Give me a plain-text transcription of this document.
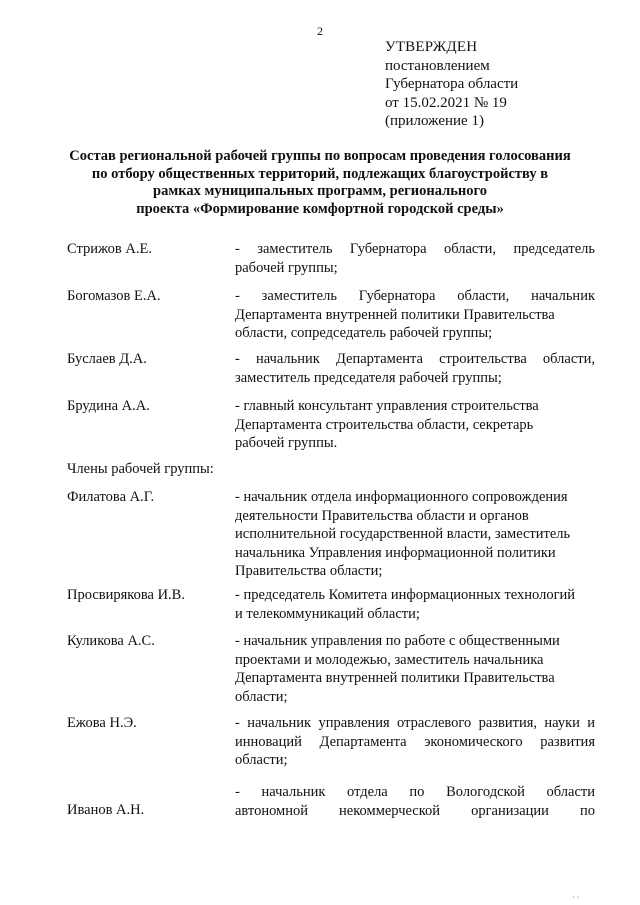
2
УТВЕРЖДЕН
постановлением
Губернатора области
от 15.02.2021 № 19
(приложение 1)
Состав региональной рабочей группы по вопросам проведения голосования
по отбору общественных территорий, подлежащих благоустройству в
рамках муниципальных программ, регионального
проекта «Формирование комфортной городской среды»
Стрижов А.Е.	- заместитель Губернатора области, председатель
рабочей группы;
Богомазов Е.А.	- заместитель Губернатора области, начальник
Департамента внутренней политики Правительства
области, сопредседатель рабочей группы;
Буслаев Д.А.	- начальник Департамента строительства области,
заместитель председателя рабочей группы;
Брудина А.А.	- главный консультант управления строительства
Департамента строительства области, секретарь
рабочей группы.
Члены рабочей группы:
Филатова А.Г.	- начальник отдела информационного сопровождения
деятельности Правительства области и органов
исполнительной государственной власти, заместитель
начальника Управления информационной политики
Правительства области;
Просвирякова И.В.	- председатель Комитета информационных технологий
и телекоммуникаций области;
Куликова А.С.	- начальник управления по работе с общественными
проектами и молодежью, заместитель начальника
Департамента внутренней политики Правительства
области;
Ежова Н.Э.	- начальник управления отраслевого развития, науки и
инноваций Департамента экономического развития
области;
Иванов А.Н.
- начальник отдела по Вологодской области
автономной некоммерческой организации по
· ·
